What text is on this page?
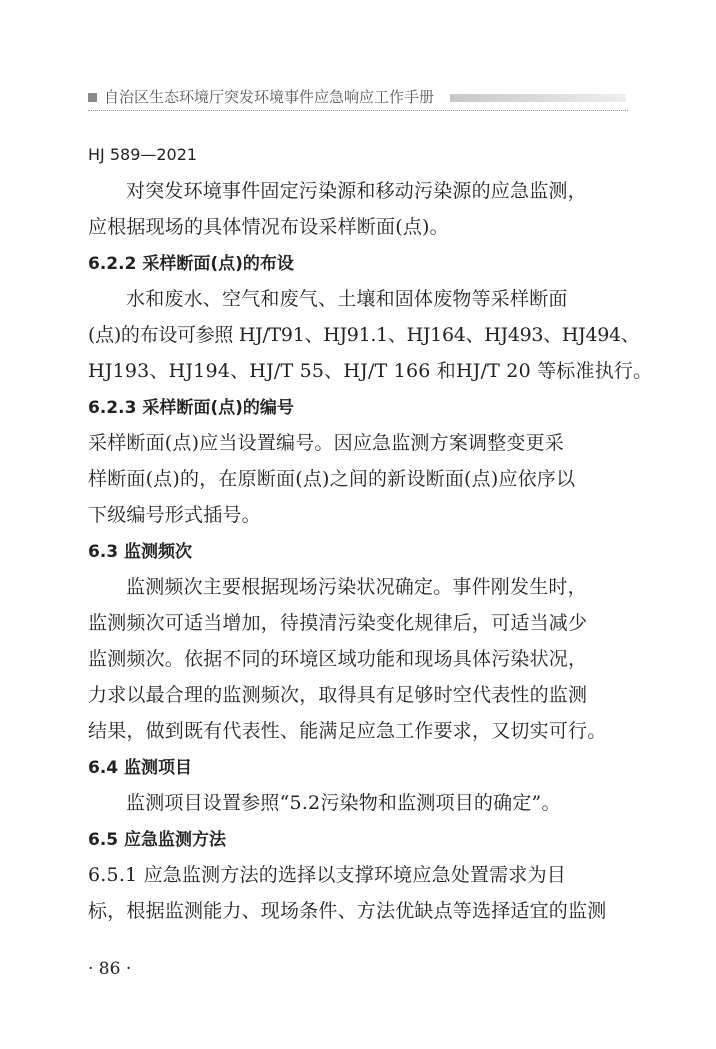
自治区生态环境厅突发环境事件应急响应工作手册
HJ 589—2021
对突发环境事件固定污染源和移动污染源的应急监测，
应根据现场的具体情况布设采样断面(点)。
6.2.2 采样断面(点)的布设
水和废水、空气和废气、土壤和固体废物等采样断面
(点)的布设可参照 HJ/T91、HJ91.1、HJ164、HJ493、HJ494、
HJ193、HJ194、HJ/T 55、HJ/T 166 和HJ/T 20 等标准执行。
6.2.3 采样断面(点)的编号
采样断面(点)应当设置编号。因应急监测方案调整变更采
样断面(点)的，在原断面(点)之间的新设断面(点)应依序以
下级编号形式插号。
6.3 监测频次
监测频次主要根据现场污染状况确定。事件刚发生时，
监测频次可适当增加，待摸清污染变化规律后，可适当减少
监测频次。依据不同的环境区域功能和现场具体污染状况，
力求以最合理的监测频次，取得具有足够时空代表性的监测
结果，做到既有代表性、能满足应急工作要求，又切实可行。
6.4 监测项目
监测项目设置参照“5.2污染物和监测项目的确定”。
6.5 应急监测方法
6.5.1 应急监测方法的选择以支撑环境应急处置需求为目
标，根据监测能力、现场条件、方法优缺点等选择适宜的监测
· 86 ·
